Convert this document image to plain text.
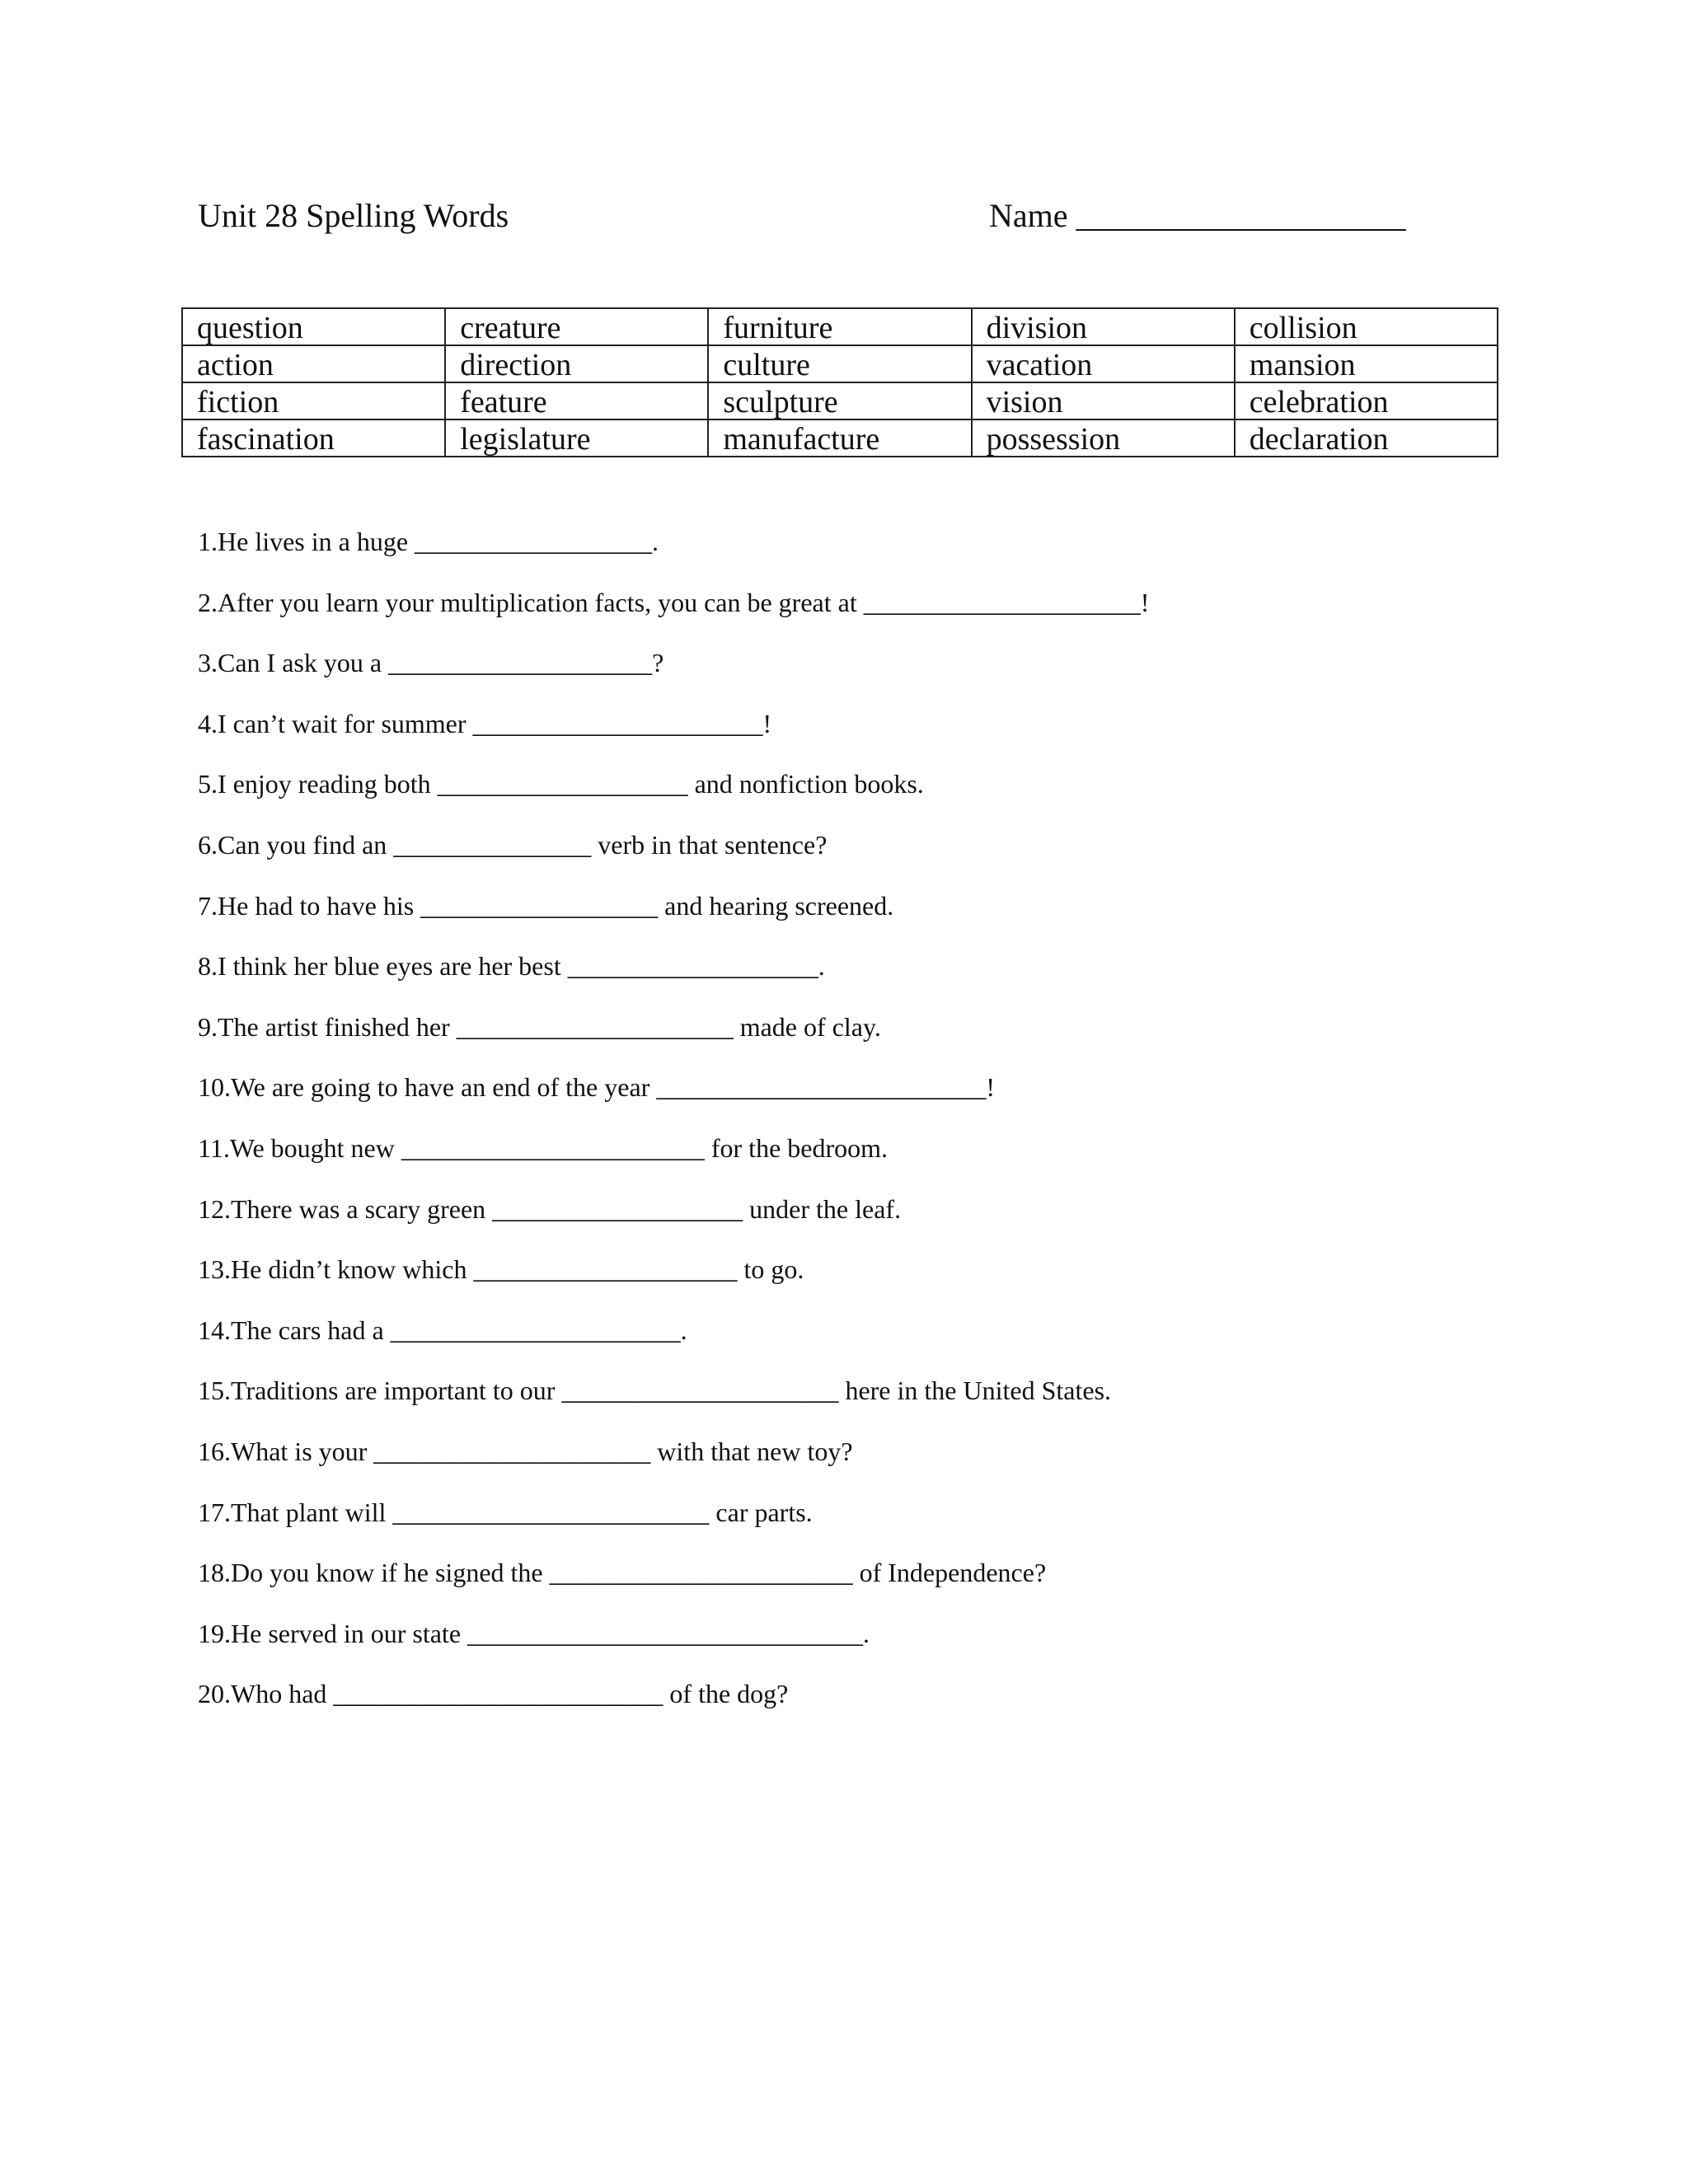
Unit 28 Spelling Words	Name ____________________
question	creature	furniture	division	collision
action	direction	culture	vacation	mansion
fiction	feature	sculpture	vision	celebration
fascination	legislature	manufacture	possession	declaration
1.He lives in a huge __________________.
2.After you learn your multiplication facts, you can be great at _____________________!
3.Can I ask you a ____________________?
4.I can’t wait for summer ______________________!
5.I enjoy reading both ___________________ and nonfiction books.
6.Can you find an _______________ verb in that sentence?
7.He had to have his __________________ and hearing screened.
8.I think her blue eyes are her best ___________________.
9.The artist finished her _____________________ made of clay.
10.We are going to have an end of the year _________________________!
11.We bought new _______________________ for the bedroom.
12.There was a scary green ___________________ under the leaf.
13.He didn’t know which ____________________ to go.
14.The cars had a ______________________.
15.Traditions are important to our _____________________ here in the United States.
16.What is your _____________________ with that new toy?
17.That plant will ________________________ car parts.
18.Do you know if he signed the _______________________ of Independence?
19.He served in our state ______________________________.
20.Who had _________________________ of the dog?
